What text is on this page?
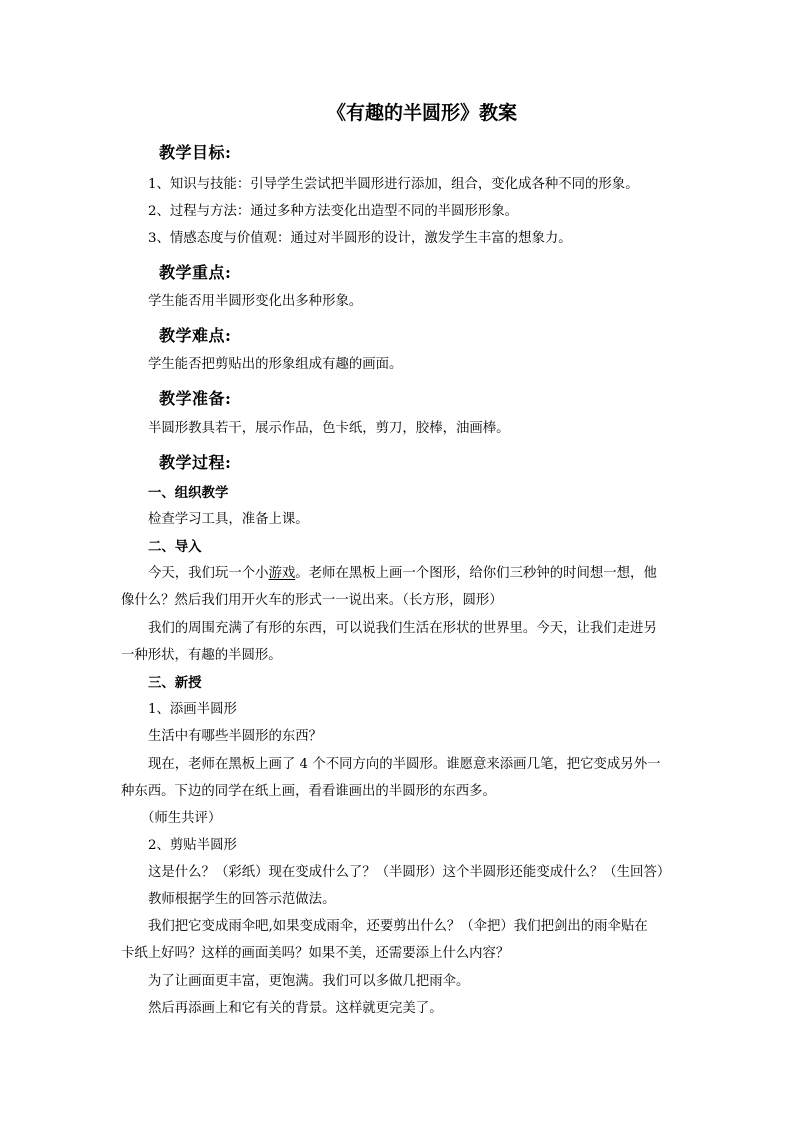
《有趣的半圆形》教案
教学目标:
1、知识与技能：引导学生尝试把半圆形进行添加，组合，变化成各种不同的形象。
2、过程与方法：通过多种方法变化出造型不同的半圆形形象。
3、情感态度与价值观：通过对半圆形的设计，激发学生丰富的想象力。
教学重点:
学生能否用半圆形变化出多种形象。
教学难点:
学生能否把剪贴出的形象组成有趣的画面。
教学准备:
半圆形教具若干，展示作品，色卡纸，剪刀，胶棒，油画棒。
教学过程:
一、组织教学
检查学习工具，准备上课。
二、导入
今天，我们玩一个小游戏。老师在黑板上画一个图形，给你们三秒钟的时间想一想，他
像什么？然后我们用开火车的形式一一说出来。（长方形，圆形）
我们的周围充满了有形的东西，可以说我们生活在形状的世界里。今天，让我们走进另
一种形状，有趣的半圆形。
三、新授
1、添画半圆形
生活中有哪些半圆形的东西？
现在，老师在黑板上画了 4 个不同方向的半圆形。谁愿意来添画几笔，把它变成另外一
种东西。下边的同学在纸上画，看看谁画出的半圆形的东西多。
（师生共评）
2、剪贴半圆形
这是什么？（彩纸）现在变成什么了？（半圆形）这个半圆形还能变成什么？（生回答）
教师根据学生的回答示范做法。
我们把它变成雨伞吧,如果变成雨伞，还要剪出什么？（伞把）我们把剑出的雨伞贴在
卡纸上好吗？这样的画面美吗？如果不美，还需要添上什么内容？
为了让画面更丰富，更饱满。我们可以多做几把雨伞。
然后再添画上和它有关的背景。这样就更完美了。
